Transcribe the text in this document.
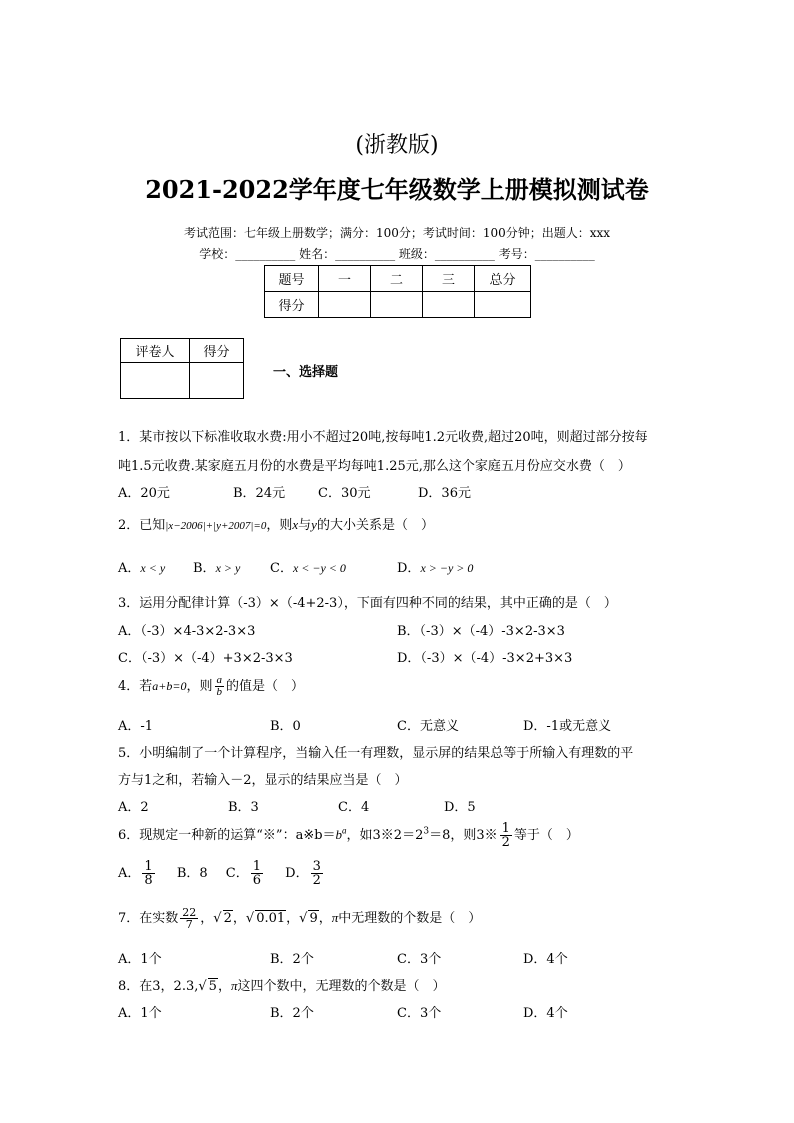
(浙教版)
2021-2022学年度七年级数学上册模拟测试卷
考试范围：七年级上册数学；满分：100分；考试时间：100分钟；出题人：xxx
学校：__________ 姓名：__________ 班级：__________ 考号：__________
题号	一	二	三	总分
得分				
评卷人	得分

一、选择题
1．某市按以下标准收取水费:用小不超过20吨,按每吨1.2元收费,超过20吨，则超过部分按每
吨1.5元收费.某家庭五月份的水费是平均每吨1.25元,那么这个家庭五月份应交水费（　）
A．20元	B．24元	C．30元	D．36元
2．已知|x−2006|+|y+2007|=0，则x与y的大小关系是（　）
A．x < y B．x > y C．x < −y < 0	D．x > −y > 0
3．运用分配律计算（-3）×（-4+2-3），下面有四种不同的结果，其中正确的是（　）
A．（-3）×4-3×2-3×3	B．（-3）×（-4）-3×2-3×3
C．（-3）×（-4）+3×2-3×3	D．（-3）×（-4）-3×2+3×3
4．若a+b=0，则 $\frac{a}{b}$ 的值是（　）
A．-1	B．0	C．无意义	D．-1或无意义
5．小明编制了一个计算程序，当输入任一有理数，显示屏的结果总等于所输入有理数的平
方与1之和，若输入－2，显示的结果应当是（　）
A．2	B．3	C．4	D．5
6．现规定一种新的运算“※”：$a※b=b^a$，如$3※2=2^3=8$，则3※ $\frac{1}{2}$ 等于（　）
A． $\frac{1}{8}$ B．8 C． $\frac{1}{6}$ D． $\frac{3}{2}$
7．在实数 $\frac{22}{7}$ ，√ 2，√ 0.01，√ 9，π中无理数的个数是（　）
A．1个	B．2个	C．3个	D．4个
8．在3，2.3,√ 5，π这四个数中，无理数的个数是（　）
A．1个	B．2个	C．3个	D．4个
